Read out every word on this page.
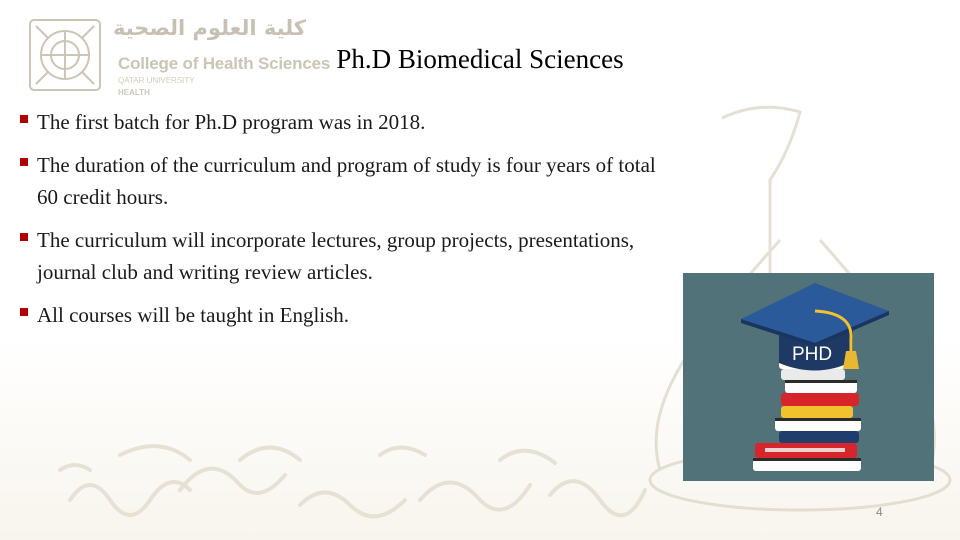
كلية العلوم الصحية
College of Health Sciences
QATAR UNIVERSITY
HEALTH
Ph.D Biomedical Sciences
The first batch for Ph.D program was in 2018.
The duration of the curriculum and program of study is four years of total 60 credit hours.
The curriculum will incorporate lectures, group projects, presentations, journal club and writing review articles.
All courses will be taught in English.
PHD
4
